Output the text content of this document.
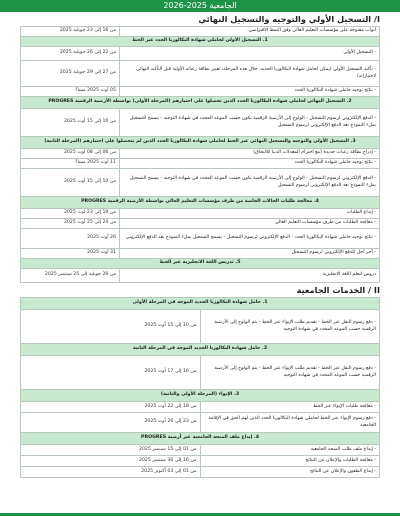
2026-2025 الجامعية
I/ التسجيل الأولي والتوجيه والتسجيل النهائي
أبواب مفتوحة على مؤسسات التعليم العالي وفق النمط الافتراضي.	من 16 إلى 23 جويلية 2025
1. التسجيل الأولي لحاملي شهادة البكالوريا الجدد عبر الخط	
- التسجيل الأولي	من 22 إلى 26 جويلية 2025
- تأكيد التسجيل الأولي (يمكن لحامل شهادة البكالوريا الجديد، خلال هذه المرحلة، تغيير بطاقة رغباته الأولية قبل التأكيد النهائي لاختياراته)	من 27 إلى 29 جويلية 2025
- نتائج توجيه حاملي شهادة البكالوريا الجدد	05 أوت 2025 مساءً
2. التسجيل النهائي لحاملي شهادة البكالوريا الجدد الذين تحصلوا على اختيارهم (المرحلة الأولى) بواسطة الأرضية الرقمية PROGRES	
- الدفع الإلكتروني لرسوم التسجيل - الولوج إلى الأرضية الرقمية بكون حسب الموعد المحدد في شهادة التوجيه - يسمح للتسجيل بملء النموذج بعد الدفع الإلكتروني لرسوم التسجيل	من 10 إلى 15 أوت 2025
3. التسجيل الأولي والتوجيه والتسجيل النهائي عبر الخط لحاملي شهادة البكالوريا الجدد الذين لم يتحصلوا على اختيارهم (المرحلة الثانية)	
- إدراج بطاقة رغبات جديدة (مع احترام المعدلات الدنيا للالتحاق)	من 06 إلى 08 أوت 2025
- نتائج توجيه حاملي شهادة البكالوريا الجدد	11 أوت 2025 مساءً
- الدفع الإلكتروني لرسوم التسجيل - الولوج إلى الأرضية الرقمية بكون حسب الموعد المحدد في شهادة التوجيه - يسمح التسجيل بملء النموذج بعد الدفع الإلكتروني لرسوم التسجيل	من 10 إلى 15 أوت 2025
4. معالجة طلبات الحالات الخاصة من طرف مؤسسات التعليم العالي بواسطة الأرضية الرقمية PROGRES	
- إيداع الطلبات	من 19 إلى 23 أوت 2025
- معالجة الطلبات من طرف مؤسسات التعليم العالي	من 24 إلى 25 أوت 2025
- نتائج توجيه حاملي شهادة البكالوريا الجدد - الدفع الإلكتروني لرسوم التسجيل - يسمح التسجيل بملء النموذج بعد الدفع الإلكتروني	26 أوت 2025
- آخر أجل للدفع الإلكتروني لرسوم التسجيل	31 أوت 2025
5. تدريس اللغة الانجليزية عبر الخط	
دروس لتعلم اللغة الانجليزية	من 26 جويلية إلى 25 سبتمبر 2025
II / الخدمات الجامعية
1. حامل شهادة البكالوريا الجديد الموجه في المرحلة الأولى	
- دفع رسوم النقل عبر الخط - تقديم طلب الإيواء عبر الخط - يتم الولوج إلى الأرضية الرقمية حسب الموعد المحدد في شهادة التوجيه	من 10 إلى 15 أوت 2025
2. حامل شهادة البكالوريا الجديد الموجه في المرحلة الثانية	
- دفع رسوم النقل عبر الخط - تقديم طلب الإيواء عبر الخط - يتم الولوج إلى الأرضية الرقمية حسب الموعد المحدد في شهادة التوجيه	من 16 إلى 17 أوت 2025
3. الإيواء (المرحلة الأولى والثانية)	
- معالجة طلبات الإيواء عبر الخط	من 18 إلى 22 أوت 2025
- دفع رسوم الإيواء عبر الخط لحاملي شهادة البكالوريا الجدد الذين لهم الحق في الإقامة الجامعية	من 23 إلى 26 أوت 2025
4. إيداع ملف المنحة الجامعية عبر أرضية PROGRES	
- إيداع ملف طلب المنحة الجامعية	من 01 إلى 15 سبتمبر 2025
- معالجة الطلبات والإعلان عن النتائج	من 16 إلى 30 سبتمبر 2025
- إيداع الطعون والإعلان عن النتائج	من 01 إلى 03 أكتوبر 2025
